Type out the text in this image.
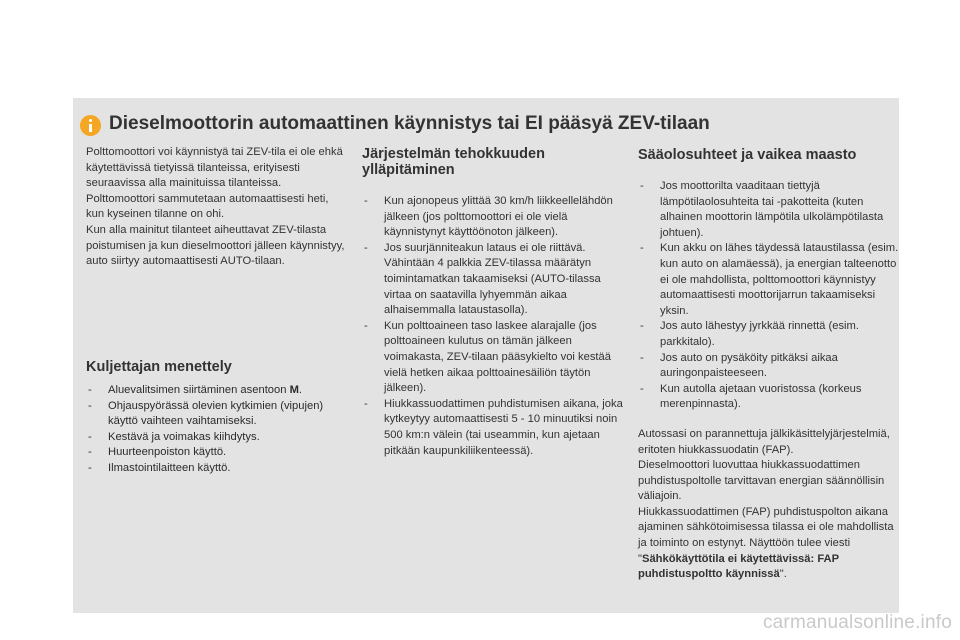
Dieselmoottorin automaattinen käynnistys tai EI pääsyä ZEV-tilaan

Polttomoottori voi käynnistyä tai ZEV-tila ei ole ehkä käytettävissä tietyissä tilanteissa, erityisesti seuraavissa alla mainituissa tilanteissa.

Polttomoottori sammutetaan automaattisesti heti, kun kyseinen tilanne on ohi.

Kun alla mainitut tilanteet aiheuttavat ZEV-tilasta poistumisen ja kun dieselmoottori jälleen käynnistyy, auto siirtyy automaattisesti AUTO-tilaan.

Kuljettajan menettely
- Aluevalitsimen siirtäminen asentoon M.
- Ohjauspyörässä olevien kytkimien (vipujen) käyttö vaihteen vaihtamiseksi.
- Kestävä ja voimakas kiihdytys.
- Huurteenpoiston käyttö.
- Ilmastointilaitteen käyttö.
Järjestelmän tehokkuuden ylläpitäminen
- Kun ajonopeus ylittää 30 km/h liikkeellelähdön jälkeen (jos polttomoottori ei ole vielä käynnistynyt käyttöönoton jälkeen).
- Jos suurjänniteakun lataus ei ole riittävä. Vähintään 4 palkkia ZEV-tilassa määrätyn toimintamatkan takaamiseksi (AUTO-tilassa virtaa on saatavilla lyhyemmän aikaa alhaisemmalla lataustasolla).
- Kun polttoaineen taso laskee alarajalle (jos polttoaineen kulutus on tämän jälkeen voimakasta, ZEV-tilaan pääsykielto voi kestää vielä hetken aikaa polttoainesäiliön täytön jälkeen).
- Hiukkassuodattimen puhdistumisen aikana, joka kytkeytyy automaattisesti 5 - 10 minuutiksi noin 500 km:n välein (tai useammin, kun ajetaan pitkään kaupunkiliikenteessä).
Sääolosuhteet ja vaikea maasto
- Jos moottorilta vaaditaan tiettyjä lämpötilaolosuhteita tai -pakotteita (kuten alhainen moottorin lämpötila ulkolämpötilasta johtuen).
- Kun akku on lähes täydessä lataustilassa (esim. kun auto on alamäessä), ja energian talteenotto ei ole mahdollista, polttomoottori käynnistyy automaattisesti moottorijarrun takaamiseksi yksin.
- Jos auto lähestyy jyrkkää rinnettä (esim. parkkitalo).
- Jos auto on pysäköity pitkäksi aikaa auringonpaisteeseen.
- Kun autolla ajetaan vuoristossa (korkeus merenpinnasta).

Autossasi on parannettuja jälkikäsittelyjärjestelmiä, eritoten hiukkassuodatin (FAP).

Dieselmoottori luovuttaa hiukkassuodattimen puhdistuspoltolle tarvittavan energian säännöllisin väliajoin.

Hiukkassuodattimen (FAP) puhdistuspolton aikana ajaminen sähkötoimisessa tilassa ei ole mahdollista ja toiminto on estynyt. Näyttöön tulee viesti "Sähkökäyttötila ei käytettävissä: FAP puhdistuspoltto käynnissä".

carmanualsonline.info
